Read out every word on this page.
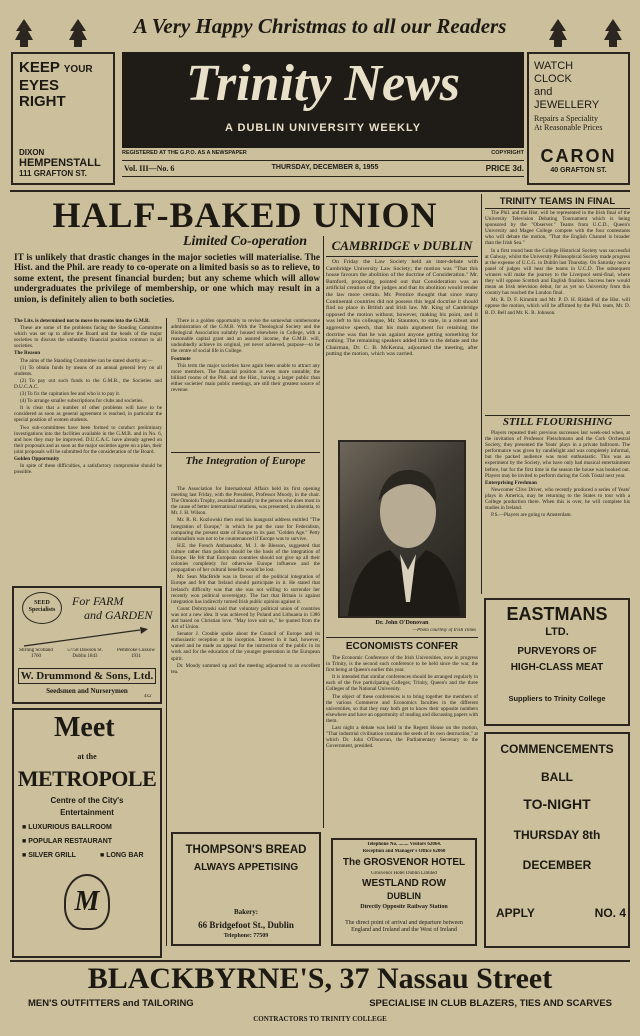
A Very Happy Christmas to all our Readers
KEEP YOUR
EYES
RIGHT
DIXON
HEMPENSTALL
111 GRAFTON ST.
Trinity News
A DUBLIN UNIVERSITY WEEKLY
REGISTERED AT THE G.P.O. AS A NEWSPAPER	COPYRIGHT
Vol. III—No. 6	THURSDAY, DECEMBER 8, 1955	PRICE 3d.
WATCH
CLOCK
and
JEWELLERY
Repairs a Speciality
At Reasonable Prices
CARON
40 GRAFTON ST.
HALF-BAKED UNION
Limited Co-operation
IT is unlikely that drastic changes in the major societies will materialise. The Hist. and the Phil. are ready to co-operate on a limited basis so as to relieve, to some extent, the present financial burden; but any scheme which will allow undergraduates the privilege of membership, or one which may result in a union, is definitely alien to both societies.

The Lits. is determined not to move its rooms into the G.M.B.

These are some of the problems facing the Standing Committee which was set up to allow the Board and the heads of the major societies to discuss the unhealthy financial position common to all societies.

The Reason

The aims of the Standing Committee can be stated shortly as:—

(1) To obtain funds by means of an annual general levy on all students.

(2) To pay out such funds to the G.M.B., the Societies and D.U.C.A.C.

(3) To fix the capitation fee and who is to pay it.

(4) To arrange smaller subscriptions for clubs and societies.

It is clear that a number of other problems will have to be considered as soon as general agreement is reached, in particular the special position of women students.

Two sub-committees have been formed to conduct preliminary investigations into the facilities available in the G.M.B. and in No. 6, and how they may be improved. D.U.C.A.C. have already agreed on their proposals and as soon as the major societies agree on a plan, their joint proposals will be submitted for the consideration of the Board.

Golden Opportunity

In spite of these difficulties, a satisfactory compromise should be possible.

There is a golden opportunity to revise the somewhat cumbersome administration of the G.M.B. With the Theological Society and the Biological Association suitably housed elsewhere in College, with a reasonable capital grant and an assured income, the G.M.B. will, undoubtedly achieve its original, yet never achieved, purpose—to be the centre of social life in College.

Footnote

This term the major societies have again been unable to attract any more members. The financial position is even more unstable; the billiard rooms of the Phil. and the Hist., having a larger public than either societies' main public meetings, are still their greatest source of revenue.

The Integration of Europe

The Association for International Affairs held its first opening meeting last Friday, with the President, Professor Moody, in the chair. The Omoiolu Trophy, awarded annually to the person who does most in the cause of better international relations, was presented, in absentia, to Mr. J. H. Wilson.

Mr. R. R. Kozlowski then read his inaugural address entitled "The Integration of Europe," in which he put the case for Federalism, comparing the present state of Europe to its past "Golden Age." Petty nationalism was not to be countenanced if Europe was to survive.

H.E. the French Ambassador, M. J. de Blesson, suggested that culture rather than politics should be the basis of the integration of Europe. He felt that European countries should not give up all their colonies completely for otherwise Europe influence and the propagation of her cultural benefits would be lost.

Mr. Sean MacBride was in favour of the political integration of Europe and felt that Ireland should participate in it. He stated that Ireland's difficulty was that she was not willing to surrender her recently won political sovereignty. The fact that Britain is against integration has indirectly turned Irish public opinion against it.

Count Dobrzynski said that voluntary political union of countries was not a new idea. It was achieved by Poland and Lithuania in 1386 and based on Christian love. "May love unit us," he quoted from the Act of Union.

Senator J. Crosbie spoke about the Council of Europe and its enthusiastic reception at its inception. Interest in it had, however, waned and he made an appeal for the instruction of the public in its work and for the education of the younger generation in the European spirit.

Dr. Moody summed up and the meeting adjourned to an excellent tea.

CAMBRIDGE v DUBLIN

On Friday the Law Society held an inter-debate with Cambridge University Law Society; the motion was "That this house favours the abolition of the doctrine of Consideration." Mr. Bamford, proposing, pointed out that Consideration was an artificial creation of the judges and that its abolition would render the law more certain. Mr. Prentice thought that since many Continental countries did not possess this legal doctrine it should find no place in British and Irish law. Mr. King of Cambridge opposed the motion without, however, making his point, and it was left to his colleague, Mr. Staunton, to state, in a robust and aggressive speech, that his main argument for retaining the doctrine was that he was against anyone getting something for nothing. The remaining speakers added little to the debate and the Chairman, Dr. C. B. McKenna, adjourned the meeting, after putting the motion, which was carried.

Dr. John O'Donovan
—Photo courtesy of Irish Times
ECONOMISTS CONFER

The Economic Conference of the Irish Universities, now in progress in Trinity, is the second such conference to be held since the war, the first being at Queen's earlier this year.

It is intended that similar conferences should be arranged regularly in each of the five participating Colleges; Trinity, Queen's and the three Colleges of the National University.

The object of these conferences is to bring together the members of the various Commerce and Economics faculties in the different universities, so that they may both get to know their opposite numbers elsewhere and have an opportunity of reading and discussing papers with them.

Last night a debate was held in the Regent House on the motion, "That industrial civilisation contains the seeds of its own destruction," at which Dr. John O'Donovan, the Parliamentary Secretary to the Government, presided.

TRINITY TEAMS IN FINAL

The Phil. and the Hist. will be represented in the Irish final of the University Television Debating Tournament which is being sponsored by the "Observer." Teams from U.C.D., Queen's University and Magee College compete with the four contestants who will debate the motion, "That the English Channel is broader than the Irish Sea."

In a first round heat the College Historical Society was successful at Galway, whilst the University Philosophical Society made progress at the expense of U.C.G. in Dublin last Thursday. On Saturday next a panel of judges will hear the teams in U.C.D. The subsequent winners will make the journey to the Liverpool semi-final, where they will oppose Scottish and English finalists. Success here would mean an Irish television debut, for as yet no University from this country has reached the London final.

Mr. R. D. F. Kimmitt and Mr. P. D. H. Riddell of the Hist. will oppose the motion, which will be affirmed by the Phil. team, Mr. D. R. D. Bell and Mr. K. R. Johnson.

STILL FLOURISHING

Players repeated their previous successes last week-end when, at the invitation of Professor Fleischmann and the Cork Orchestral Society, they presented the Yeats' plays in a private ballroom. The performance was given by candlelight and was completely informal, but the packed audience was most enthusiastic. This was an experiment by the Society, who have only had musical entertainment before, but for the first time in the season the house was booked out. Players may be invited to perform during the Cork Tóstal next year.

Enterprising Freshman

Newcomer Clive Driver, who recently produced a series of Yeats' plays in America, may be returning to the States to tour with a College production there. When this is over, he will complete his studies in Ireland.

P.S.—Players are going to Amsterdam.

SEED Specialists
For FARM
and GARDEN
Stirling Scotland 1760
57/58 Dawson St. Dublin 1843
Pembroke Cuskow 1931
W. Drummond & Sons, Ltd.
Seedsmen and Nurserymen
4x2
Meet
at the
METROPOLE
Centre of the City's
Entertainment
■ LUXURIOUS BALLROOM
■ POPULAR RESTAURANT
■ SILVER GRILL	■ LONG BAR
M
THOMPSON'S BREAD
ALWAYS APPETISING
Bakery:
66 Bridgefoot St., Dublin
Telephone: 77509
Telephone No. ........ Visitors 62064.
Reception and Manager's Office 62060
The GROSVENOR HOTEL
Grosvenor Hotel Dublin Limited
WESTLAND ROW
DUBLIN
Directly Opposite Railway Station
The direct point of arrival and departure between England and Ireland and the West of Ireland
EASTMANS
LTD.
PURVEYORS OF
HIGH-CLASS MEAT
Suppliers to Trinity College
COMMENCEMENTS
BALL
TO-NIGHT
THURSDAY 8th
DECEMBER
APPLY	NO. 4
BLACKBYRNE'S, 37 Nassau Street
MEN'S OUTFITTERS and TAILORING	SPECIALISE IN CLUB BLAZERS, TIES AND SCARVES
CONTRACTORS TO TRINITY COLLEGE
